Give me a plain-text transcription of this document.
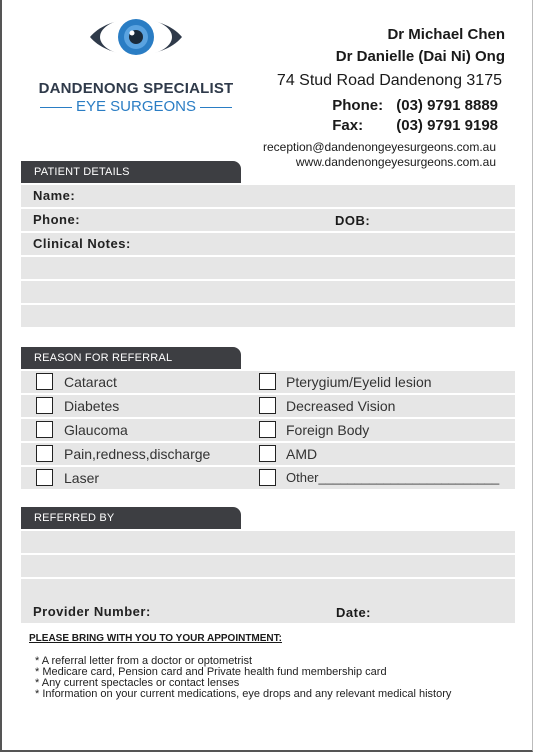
DANDENONG SPECIALIST
EYE SURGEONS
Dr Michael Chen
Dr Danielle (Dai Ni) Ong
74 Stud Road Dandenong 3175
Phone: (03) 9791 8889
Fax:	(03) 9791 9198
reception@dandenongeyesurgeons.com.au
www.dandenongeyesurgeons.com.au
PATIENT DETAILS
Name:
Phone:	DOB:
Clinical Notes:
REASON FOR REFERRAL
Cataract	Pterygium/Eyelid lesion
Diabetes	Decreased Vision
Glaucoma	Foreign Body
Pain,redness,discharge	AMD
Laser	Other_________________________
REFERRED BY
Provider Number:	Date:
PLEASE BRING WITH YOU TO YOUR APPOINTMENT:
* A referral letter from a doctor or optometrist
* Medicare card, Pension card and Private health fund membership card
* Any current spectacles or contact lenses
* Information on your current medications, eye drops and any relevant medical history
